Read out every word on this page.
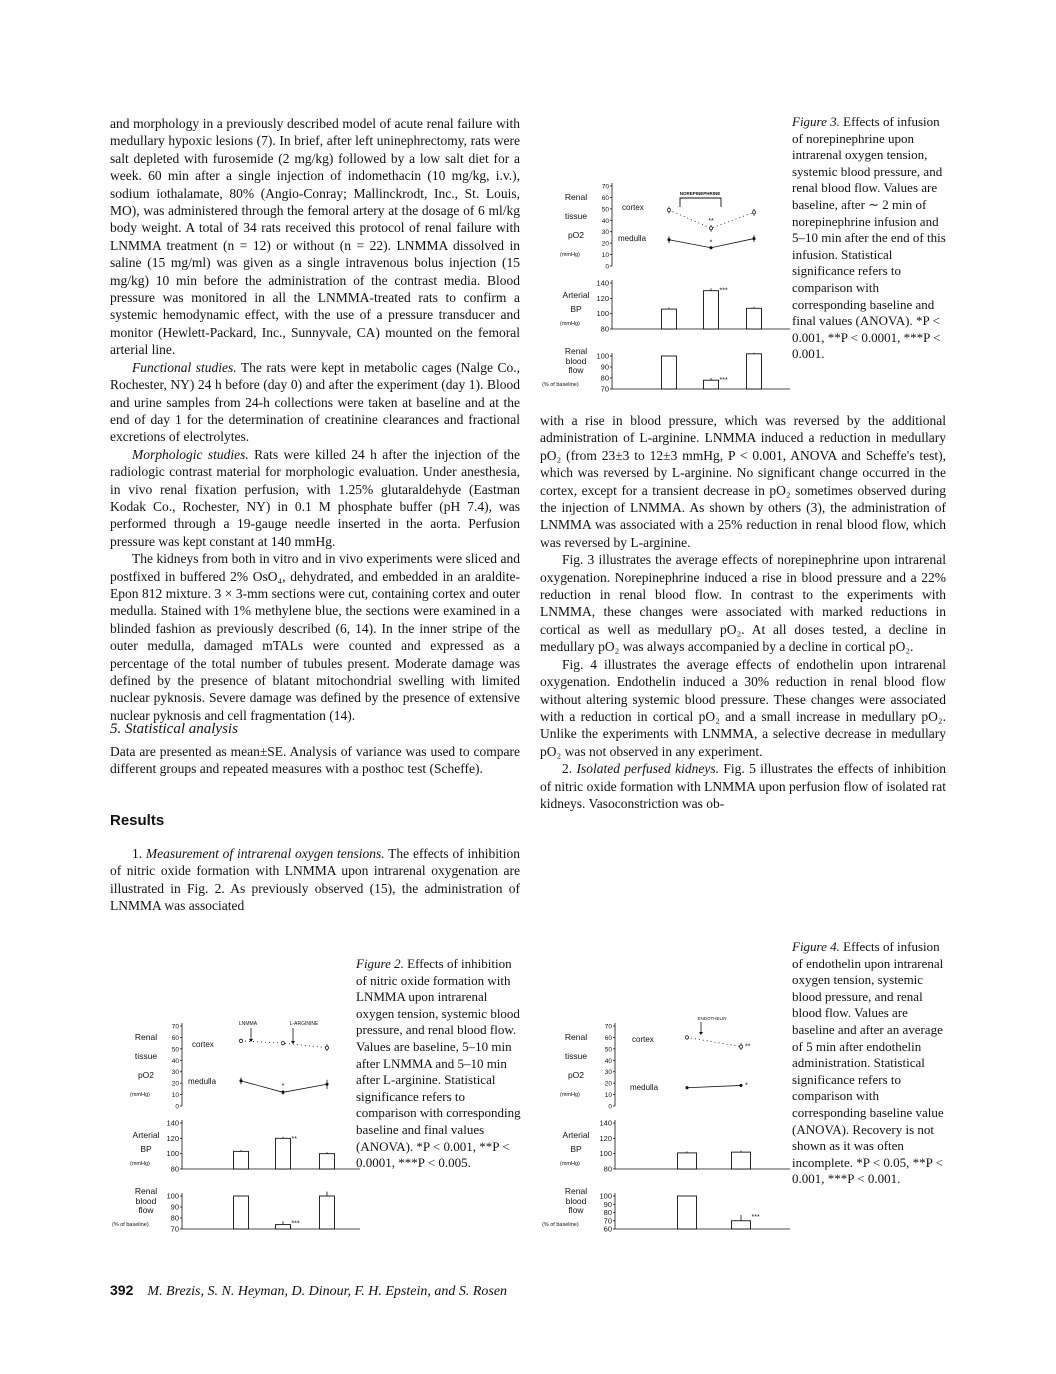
and morphology in a previously described model of acute renal failure with medullary hypoxic lesions (7). In brief, after left uninephrectomy, rats were salt depleted with furosemide (2 mg/kg) followed by a low salt diet for a week. 60 min after a single injection of indomethacin (10 mg/kg, i.v.), sodium iothalamate, 80% (Angio-Conray; Mallinckrodt, Inc., St. Louis, MO), was administered through the femoral artery at the dosage of 6 ml/kg body weight. A total of 34 rats received this protocol of renal failure with LNMMA treatment (n = 12) or without (n = 22). LNMMA dissolved in saline (15 mg/ml) was given as a single intravenous bolus injection (15 mg/kg) 10 min before the administration of the contrast media. Blood pressure was monitored in all the LNMMA-treated rats to confirm a systemic hemodynamic effect, with the use of a pressure transducer and monitor (Hewlett-Packard, Inc., Sunnyvale, CA) mounted on the femoral arterial line.

Functional studies. The rats were kept in metabolic cages (Nalge Co., Rochester, NY) 24 h before (day 0) and after the experiment (day 1). Blood and urine samples from 24-h collections were taken at baseline and at the end of day 1 for the determination of creatinine clearances and fractional excretions of electrolytes.

Morphologic studies. Rats were killed 24 h after the injection of the radiologic contrast material for morphologic evaluation. Under anesthesia, in vivo renal fixation perfusion, with 1.25% glutaraldehyde (Eastman Kodak Co., Rochester, NY) in 0.1 M phosphate buffer (pH 7.4), was performed through a 19-gauge needle inserted in the aorta. Perfusion pressure was kept constant at 140 mmHg.

The kidneys from both in vitro and in vivo experiments were sliced and postfixed in buffered 2% OsO₄, dehydrated, and embedded in an araldite-Epon 812 mixture. 3 × 3-mm sections were cut, containing cortex and outer medulla. Stained with 1% methylene blue, the sections were examined in a blinded fashion as previously described (6, 14). In the inner stripe of the outer medulla, damaged mTALs were counted and expressed as a percentage of the total number of tubules present. Moderate damage was defined by the presence of blatant mitochondrial swelling with limited nuclear pyknosis. Severe damage was defined by the presence of extensive nuclear pyknosis and cell fragmentation (14).

5. Statistical analysis
Data are presented as mean±SE. Analysis of variance was used to compare different groups and repeated measures with a posthoc test (Scheffe).
Results

1. Measurement of intrarenal oxygen tensions. The effects of inhibition of nitric oxide formation with LNMMA upon intrarenal oxygenation are illustrated in Fig. 2. As previously observed (15), the administration of LNMMA was associated

with a rise in blood pressure, which was reversed by the additional administration of L-arginine. LNMMA induced a reduction in medullary pO₂ (from 23±3 to 12±3 mmHg, P < 0.001, ANOVA and Scheffe's test), which was reversed by L-arginine. No significant change occurred in the cortex, except for a transient decrease in pO₂ sometimes observed during the injection of LNMMA. As shown by others (3), the administration of LNMMA was associated with a 25% reduction in renal blood flow, which was reversed by L-arginine.

Fig. 3 illustrates the average effects of norepinephrine upon intrarenal oxygenation. Norepinephrine induced a rise in blood pressure and a 22% reduction in renal blood flow. In contrast to the experiments with LNMMA, these changes were associated with marked reductions in cortical as well as medullary pO₂. At all doses tested, a decline in medullary pO₂ was always accompanied by a decline in cortical pO₂.

Fig. 4 illustrates the average effects of endothelin upon intrarenal oxygenation. Endothelin induced a 30% reduction in renal blood flow without altering systemic blood pressure. These changes were associated with a reduction in cortical pO₂ and a small increase in medullary pO₂. Unlike the experiments with LNMMA, a selective decrease in medullary pO₂ was not observed in any experiment.

2. Isolated perfused kidneys. Fig. 5 illustrates the effects of inhibition of nitric oxide formation with LNMMA upon perfusion flow of isolated rat kidneys. Vasoconstriction was ob-

Figure 3. Effects of infusion of norepinephrine upon intrarenal oxygen tension, systemic blood pressure, and renal blood flow. Values are baseline, after ∼ 2 min of norepinephrine infusion and 5–10 min after the end of this infusion. Statistical significance refers to comparison with corresponding baseline and final values (ANOVA). *P < 0.001, **P < 0.0001, ***P < 0.001.
Figure 2. Effects of inhibition of nitric oxide formation with LNMMA upon intrarenal oxygen tension, systemic blood pressure, and renal blood flow. Values are baseline, 5–10 min after LNMMA and 5–10 min after L-arginine. Statistical significance refers to comparison with corresponding baseline and final values (ANOVA). *P < 0.001, **P < 0.0001, ***P < 0.005.
Figure 4. Effects of infusion of endothelin upon intrarenal oxygen tension, systemic blood pressure, and renal blood flow. Values are baseline and after an average of 5 min after endothelin administration. Statistical significance refers to comparison with corresponding baseline value (ANOVA). Recovery is not shown as it was often incomplete. *P < 0.05, **P < 0.001, ***P < 0.001.
Renal
tissue
pO2
(mmHg)
Arterial
BP
(mmHg)
Renal
blood
flow
(% of baseline)
0
10
20
30
40
50
60
70
80
100
120
140
70
80
90
100
cortex
medulla
**
*
***
***
NOREPINEPHRINE
Renal
tissue
pO2
(mmHg)
Arterial
BP
(mmHg)
Renal
blood
flow
(% of baseline)
0
10
20
30
40
50
60
70
80
100
120
140
70
80
90
100
cortex
medulla
*
**
***
LNMMA	L-ARGININE
Renal
tissue
pO2
(mmHg)
Arterial
BP
(mmHg)
Renal
blood
flow
(% of baseline)
0
10
20
30
40
50
60
70
80
100
120
140
60
70
80
90
100
cortex
medulla
**
*
***
ENDOTHELIN
392 M. Brezis, S. N. Heyman, D. Dinour, F. H. Epstein, and S. Rosen
